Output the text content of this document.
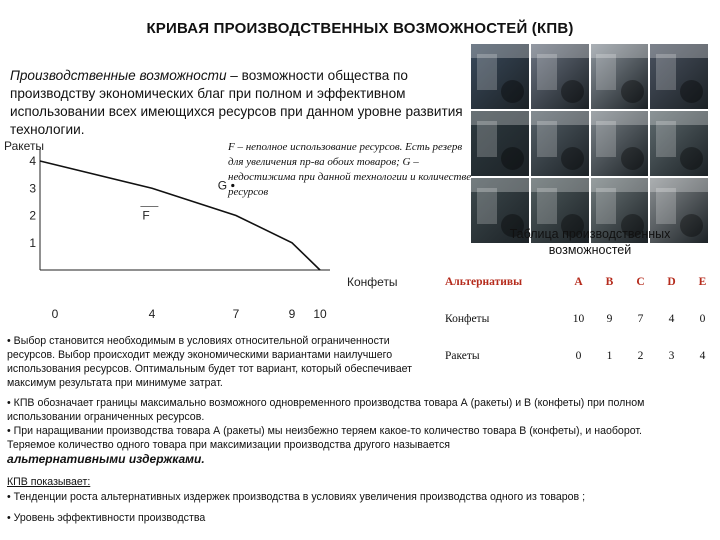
КРИВАЯ ПРОИЗВОДСТВЕННЫХ ВОЗМОЖНОСТЕЙ (КПВ)
Производственные возможности – возможности общества по производству экономических благ при полном и эффективном использовании всех имеющихся ресурсов при данном уровне развития технологии.
Ракеты
Конфеты
4
3
2
1
0	4	7	9 10
G
F
F – неполное использование ресурсов. Есть резерв для увеличения пр-ва обоих товаров; G – недостижима при данной технологии и количестве ресурсов
Таблица производственных возможностей
Альтернативы	A	B	C	D	E
Конфеты	10	9	7	4	0
Ракеты	0	1	2	3	4
• Выбор становится необходимым в условиях относительной ограниченности ресурсов. Выбор происходит между экономическими вариантами наилучшего использования ресурсов. Оптимальным будет тот вариант, который обеспечивает максимум результата при минимуме затрат.
• КПВ обозначает границы максимально возможного одновременного производства товара А (ракеты) и В (конфеты) при полном использовании ограниченных ресурсов.
• При наращивании производства товара А (ракеты) мы неизбежно теряем какое-то количество товара В (конфеты), и наоборот. Теряемое количество одного товара при максимизации производства другого называется
альтернативными издержками.
КПВ показывает:
• Тенденции роста альтернативных издержек производства в условиях увеличения производства одного из товаров ;
• Уровень эффективности производства
